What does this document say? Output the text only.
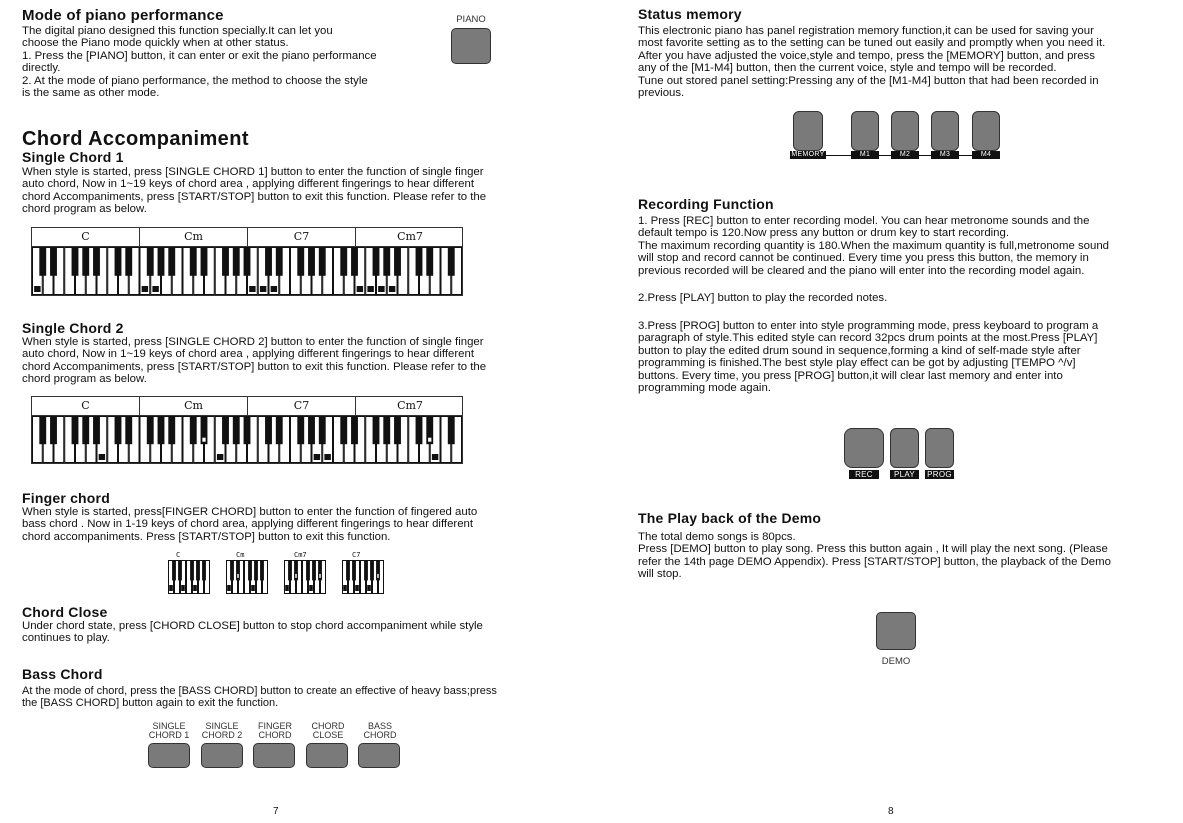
Mode of piano performance
The digital piano designed this function specially.It can let you
choose the Piano mode quickly when at other status.
1. Press the [PIANO] button, it can enter or exit the piano performance
directly.
2. At the mode of piano performance, the method to choose the style
is the same as other mode.
PIANO
Chord Accompaniment
Single Chord 1
When style is started, press [SINGLE CHORD 1] button to enter the function of single finger
auto chord, Now in 1~19 keys of chord area , applying different fingerings to hear different
chord Accompaniments, press [START/STOP] button to exit this function. Please refer to the
chord program as below.
C	Cm	C7	Cm7
Single Chord 2
When style is started, press [SINGLE CHORD 2] button to enter the function of single finger
auto chord, Now in 1~19 keys of chord area , applying different fingerings to hear different
chord Accompaniments, press [START/STOP] button to exit this function. Please refer to the
chord program as below.
C	Cm	C7	Cm7
Finger chord
When style is started, press[FINGER CHORD] button to enter the function of fingered auto
bass chord . Now in 1-19 keys of chord area, applying different fingerings to hear different
chord accompaniments. Press [START/STOP] button to exit this function.
C	Cm	Cm7	C7
Chord Close
Under chord state, press [CHORD CLOSE] button to stop chord accompaniment while style
continues to play.
Bass Chord
At the mode of chord, press the [BASS CHORD] button to create an effective of heavy bass;press
the [BASS CHORD] button again to exit the function.
SINGLE
CHORD 1
SINGLE
CHORD 2
FINGER
CHORD
CHORD
CLOSE
BASS
CHORD
7
Status memory
This electronic piano has panel registration memory function,it can be used for saving your
most favorite setting as to the setting can be tuned out easily and promptly when you need it.
After you have adjusted the voice,style and tempo, press the [MEMORY] button, and press
any of the [M1-M4] button, then the current voice, style and tempo will be recorded.
Tune out stored panel setting:Pressing any of the [M1-M4] button that had been recorded in
previous.
MEMORY	M1	M2	M3	M4
Recording Function
1. Press [REC] button to enter recording model. You can hear metronome sounds and the
default tempo is 120.Now press any button or drum key to start recording.
The maximum recording quantity is 180.When the maximum quantity is full,metronome sound
will stop and record cannot be continued. Every time you press this button, the memory in
previous recorded will be cleared and the piano will enter into the recording model again.
2.Press [PLAY] button to play the recorded notes.
3.Press [PROG] button to enter into style programming mode, press keyboard to program a
paragraph of style.This edited style can record 32pcs drum points at the most.Press [PLAY]
button to play the edited drum sound in sequence,forming a kind of self-made style after
programming is finished.The best style play effect can be got by adjusting [TEMPO ^/v]
buttons. Every time, you press [PROG] button,it will clear last memory and enter into
programming mode again.
REC	PLAY	PROG
The Play back of the Demo
The total demo songs is 80pcs.
Press [DEMO] button to play song. Press this button again , It will play the next song. (Please
refer the 14th page DEMO Appendix). Press [START/STOP] button, the playback of the Demo
will stop.
DEMO
8
